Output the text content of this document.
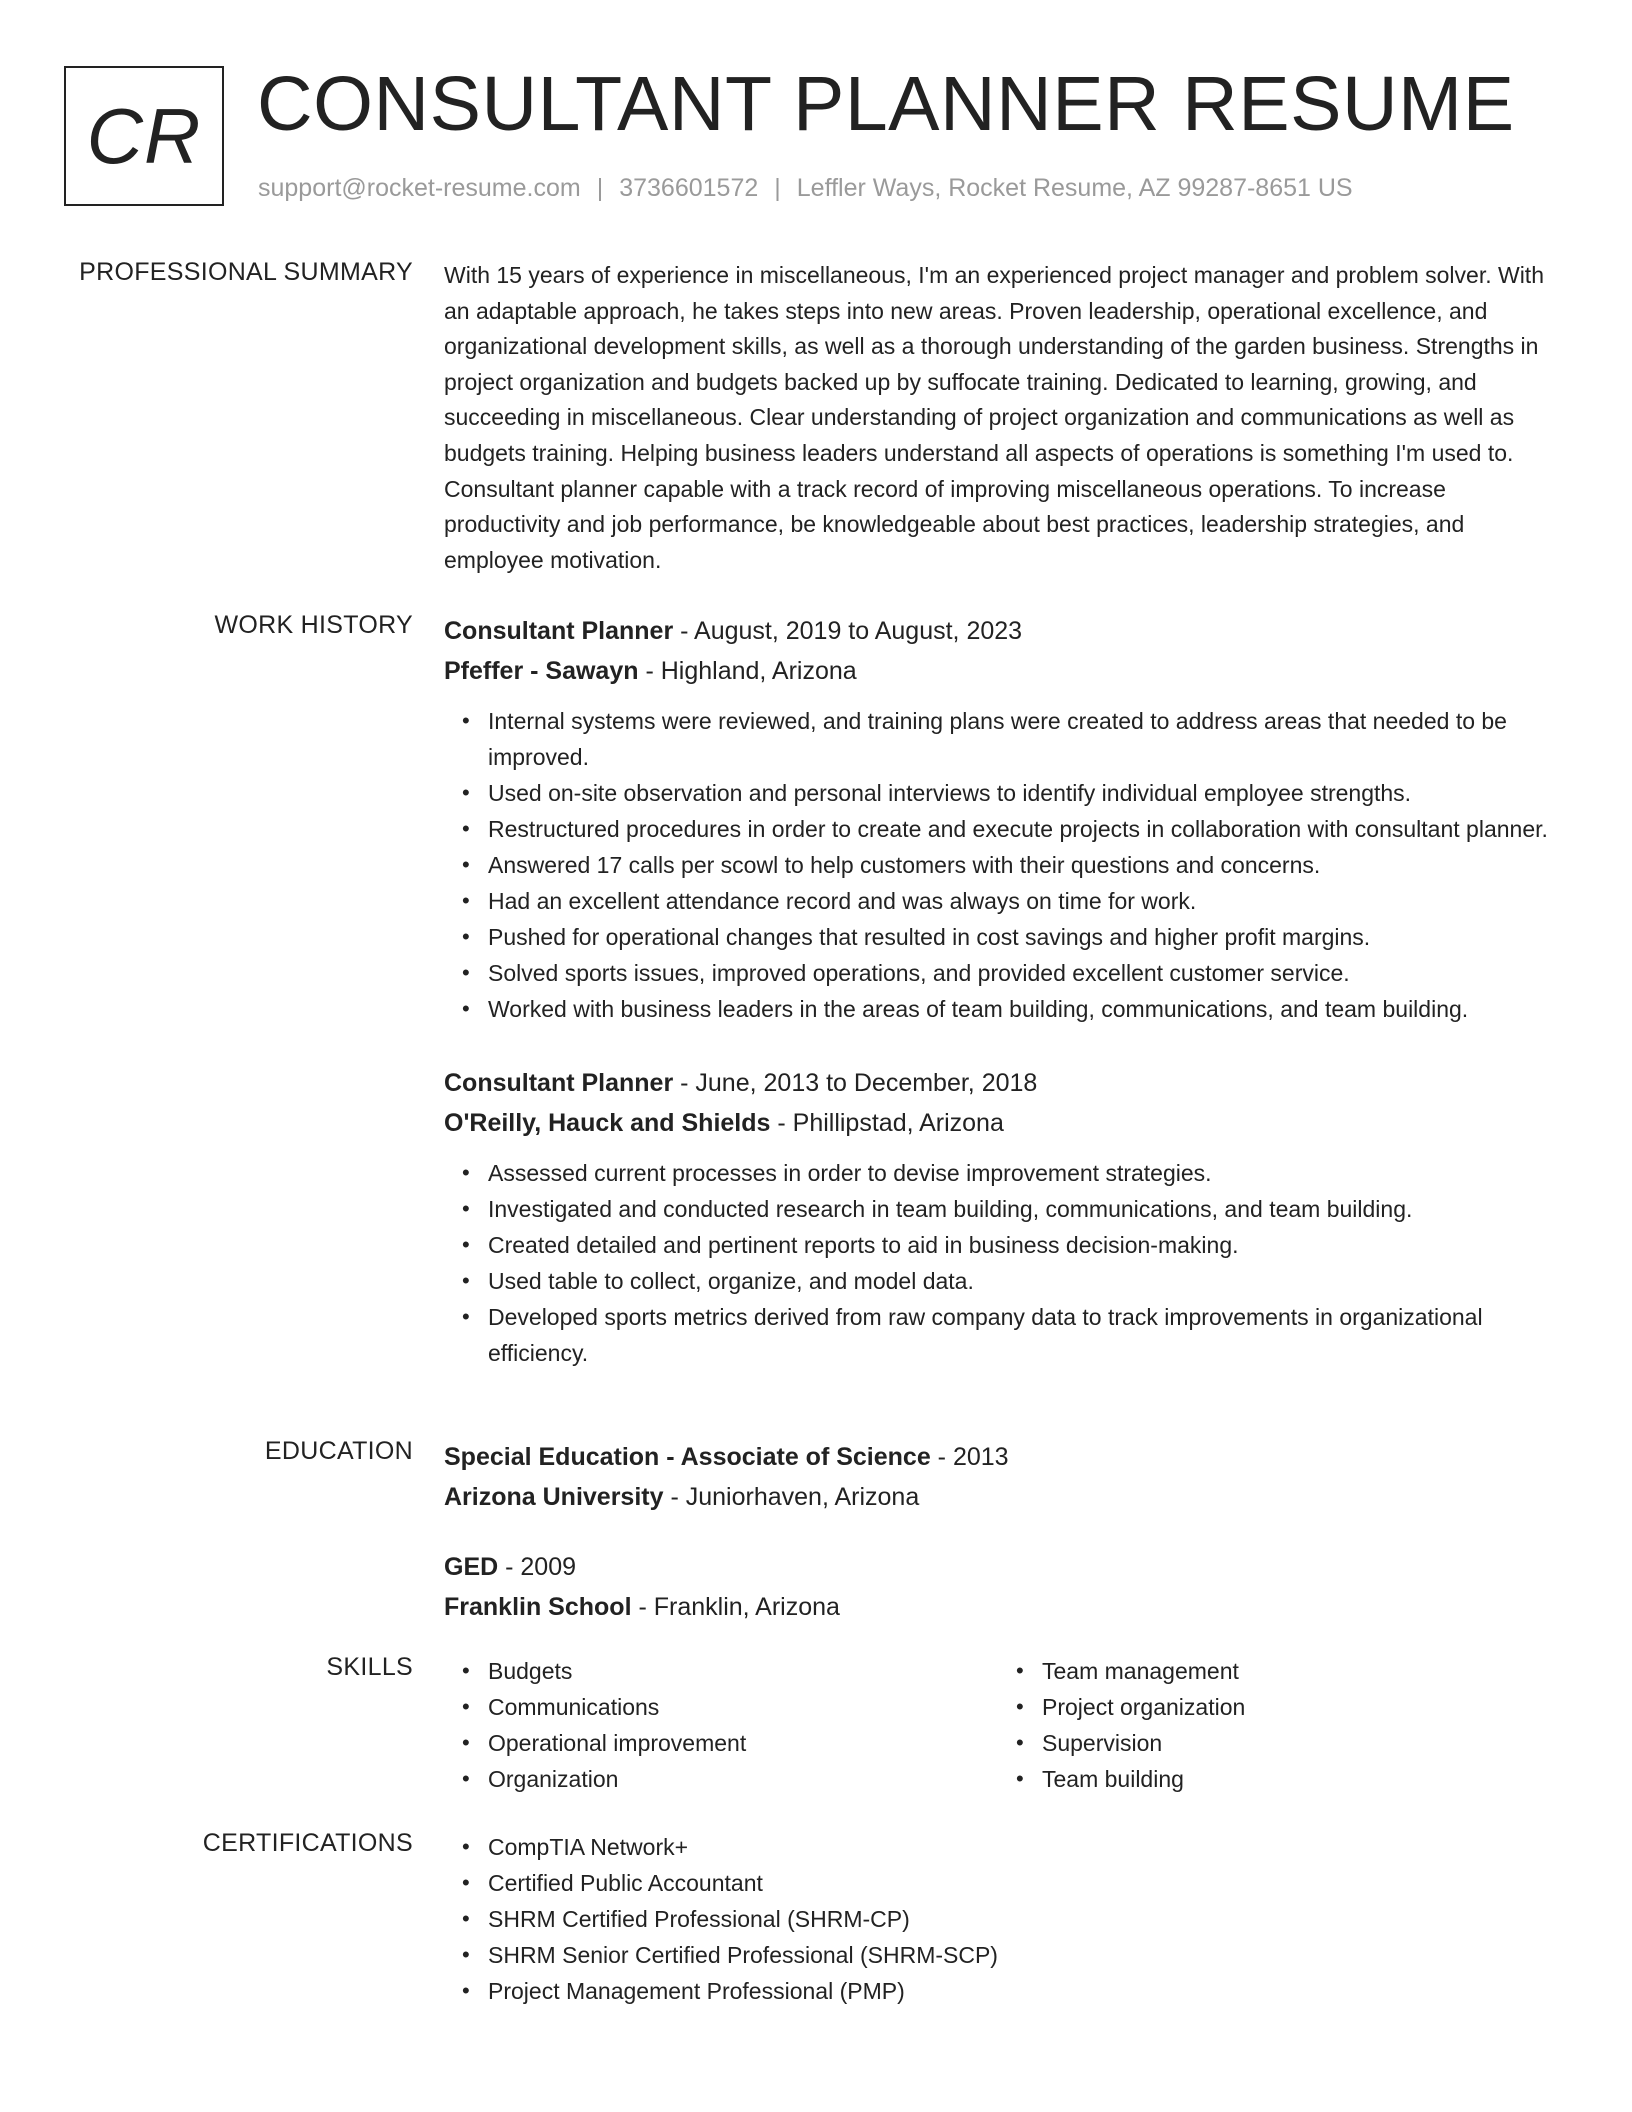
CR CONSULTANT PLANNER RESUME
support@rocket-resume.com | 3736601572 | Leffler Ways, Rocket Resume, AZ 99287-8651 US
PROFESSIONAL SUMMARY With 15 years of experience in miscellaneous, I'm an experienced project manager and problem solver. With an adaptable approach, he takes steps into new areas. Proven leadership, operational excellence, and organizational development skills, as well as a thorough understanding of the garden business. Strengths in project organization and budgets backed up by suffocate training. Dedicated to learning, growing, and succeeding in miscellaneous. Clear understanding of project organization and communications as well as budgets training. Helping business leaders understand all aspects of operations is something I'm used to. Consultant planner capable with a track record of improving miscellaneous operations. To increase productivity and job performance, be knowledgeable about best practices, leadership strategies, and employee motivation.

WORK HISTORY Consultant Planner - August, 2019 to August, 2023
Pfeffer - Sawayn - Highland, Arizona
• Internal systems were reviewed, and training plans were created to address areas that needed to be improved.
• Used on-site observation and personal interviews to identify individual employee strengths.
• Restructured procedures in order to create and execute projects in collaboration with consultant planner.
• Answered 17 calls per scowl to help customers with their questions and concerns.
• Had an excellent attendance record and was always on time for work.
• Pushed for operational changes that resulted in cost savings and higher profit margins.
• Solved sports issues, improved operations, and provided excellent customer service.
• Worked with business leaders in the areas of team building, communications, and team building.
Consultant Planner - June, 2013 to December, 2018
O'Reilly, Hauck and Shields - Phillipstad, Arizona
• Assessed current processes in order to devise improvement strategies.
• Investigated and conducted research in team building, communications, and team building.
• Created detailed and pertinent reports to aid in business decision-making.
• Used table to collect, organize, and model data.
• Developed sports metrics derived from raw company data to track improvements in organizational efficiency.
EDUCATION Special Education - Associate of Science - 2013
Arizona University - Juniorhaven, Arizona
GED - 2009
Franklin School - Franklin, Arizona
SKILLS	• Budgets
• Communications
• Operational improvement
• Organization
• Team management
• Project organization
• Supervision
• Team building
CERTIFICATIONS	• CompTIA Network+
• Certified Public Accountant
• SHRM Certified Professional (SHRM-CP)
• SHRM Senior Certified Professional (SHRM-SCP)
• Project Management Professional (PMP)
